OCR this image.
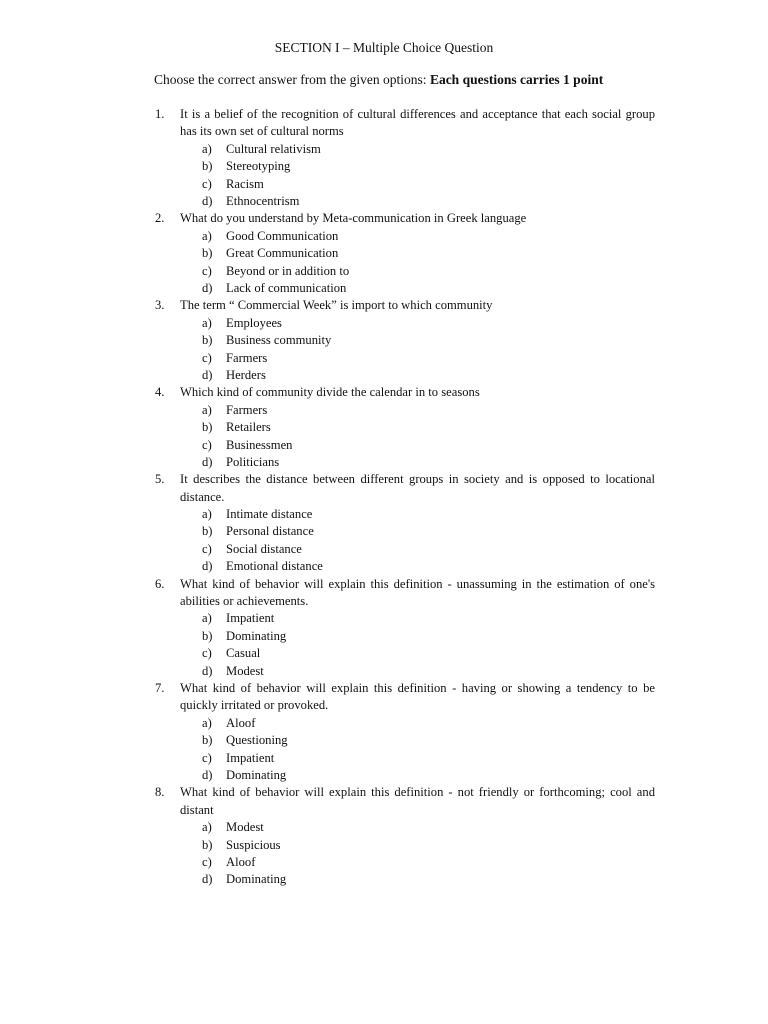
SECTION I – Multiple Choice Question
Choose the correct answer from the given options: Each questions carries 1 point
1.	It is a belief of the recognition of cultural differences and acceptance that each social group has its own set of cultural norms
a) Cultural relativism
b) Stereotyping
c) Racism
d) Ethnocentrism
2.	What do you understand by Meta-communication in Greek language
a) Good Communication
b) Great Communication
c) Beyond or in addition to
d) Lack of communication
3.	The term “ Commercial Week” is import to which community
a) Employees
b) Business community
c) Farmers
d) Herders
4.	Which kind of community divide the calendar in to seasons
a) Farmers
b) Retailers
c) Businessmen
d) Politicians
5.	It describes the distance between different groups in society and is opposed to locational distance.
a) Intimate distance
b) Personal distance
c) Social distance
d) Emotional distance
6.	What kind of behavior will explain this definition - unassuming in the estimation of one's abilities or achievements.
a) Impatient
b) Dominating
c) Casual
d) Modest
7.	What kind of behavior will explain this definition - having or showing a tendency to be quickly irritated or provoked.
a) Aloof
b) Questioning
c) Impatient
d) Dominating
8.	What kind of behavior will explain this definition - not friendly or forthcoming; cool and distant
a) Modest
b) Suspicious
c) Aloof
d) Dominating
